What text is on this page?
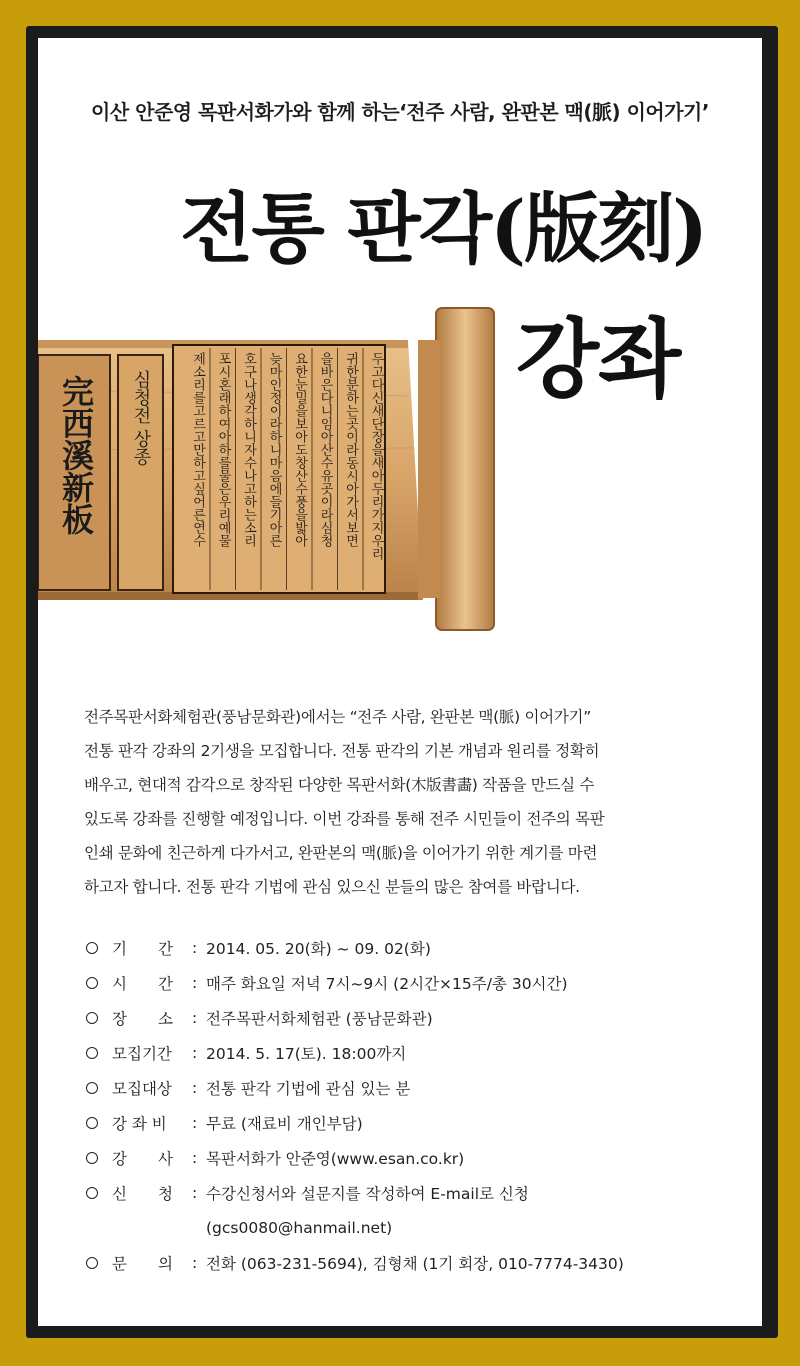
이산 안준영 목판서화가와 함께 하는‘전주 사람, 완판본 맥(脈) 이어가기’
전통 판각(版刻)
강좌
完西溪新板 심청전 상종	두고다신새단장을새아두리가지우리
귀한분하는곳이라동시아가서보면
을바은다니임아산수유곳이라심청
요한눈밀을보아도창산수풍을밟아
늦마인정이라하니마음에들기아른
호구나생각하니자수나고하는소리
포시혼래하여아하를물은우리예물
제소리를고르고만하고싶어른연수

전주목판서화체험관(풍남문화관)에서는 “전주 사람, 완판본 맥(脈) 이어가기”

전통 판각 강좌의 2기생을 모집합니다. 전통 판각의 기본 개념과 원리를 정확히

배우고, 현대적 감각으로 창작된 다양한 목판서화(木版書畵) 작품을 만드실 수

있도록 강좌를 진행할 예정입니다. 이번 강좌를 통해 전주 시민들이 전주의 목판

인쇄 문화에 친근하게 다가서고, 완판본의 맥(脈)을 이어가기 위한 계기를 마련

하고자 합니다. 전통 판각 기법에 관심 있으신 분들의 많은 참여를 바랍니다.

기　　간	: 2014. 05. 20(화) ~ 09. 02(화)
시　　간	: 매주 화요일 저녁 7시~9시 (2시간×15주/총 30시간)
장　　소	: 전주목판서화체험관 (풍남문화관)
모집기간	: 2014. 5. 17(토). 18:00까지
모집대상	: 전통 판각 기법에 관심 있는 분
강 좌 비	: 무료 (재료비 개인부담)
강　　사	: 목판서화가 안준영(www.esan.co.kr)
신　　청	: 수강신청서와 설문지를 작성하여 E-mail로 신청
(gcs0080@hanmail.net)
문　　의	: 전화 (063-231-5694), 김형채 (1기 회장, 010-7774-3430)
